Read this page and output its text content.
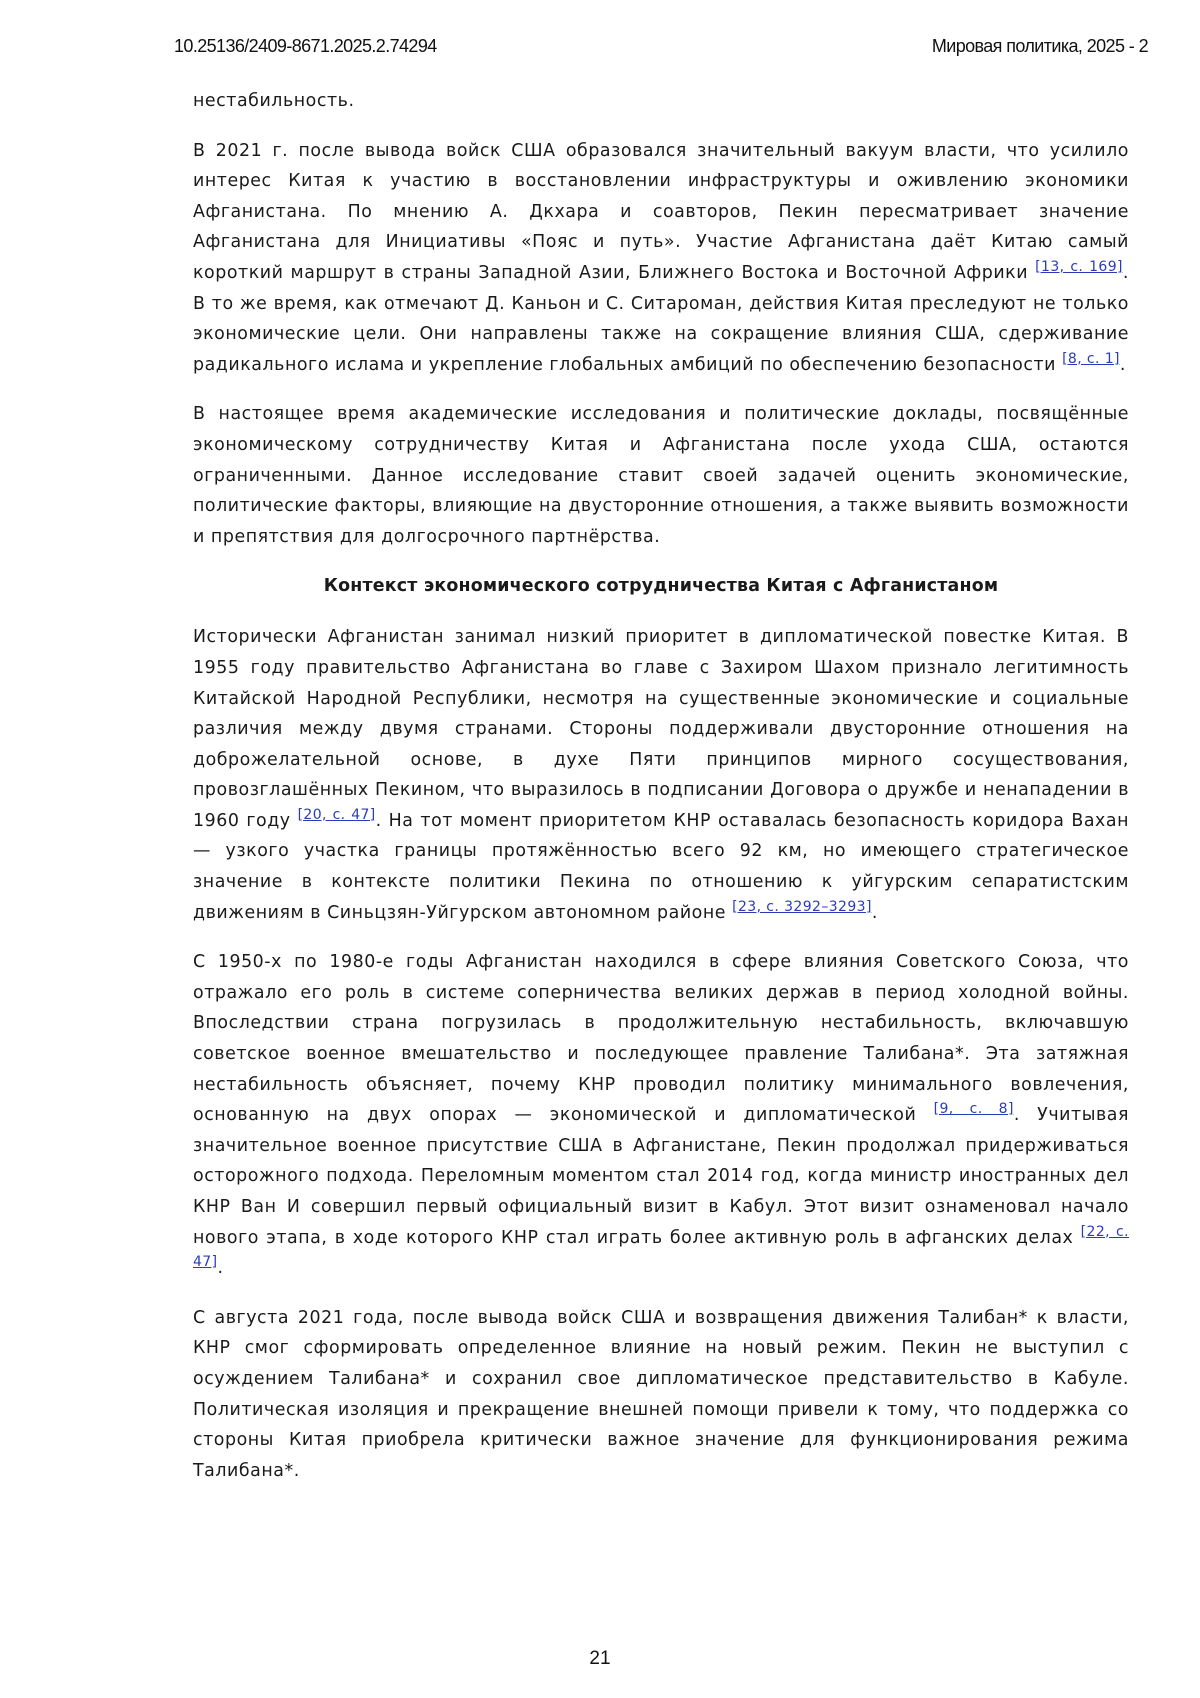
10.25136/2409-8671.2025.2.74294	Мировая политика, 2025 - 2

нестабильность.

В 2021 г. после вывода войск США образовался значительный вакуум власти, что усилило интерес Китая к участию в восстановлении инфраструктуры и оживлению экономики Афганистана. По мнению А. Дкхара и соавторов, Пекин пересматривает значение Афганистана для Инициативы «Пояс и путь». Участие Афганистана даёт Китаю самый короткий маршрут в страны Западной Азии, Ближнего Востока и Восточной Африки [13, с. 169]. В то же время, как отмечают Д. Каньон и С. Ситароман, действия Китая преследуют не только экономические цели. Они направлены также на сокращение влияния США, сдерживание радикального ислама и укрепление глобальных амбиций по обеспечению безопасности [8, с. 1].

В настоящее время академические исследования и политические доклады, посвящённые экономическому сотрудничеству Китая и Афганистана после ухода США, остаются ограниченными. Данное исследование ставит своей задачей оценить экономические, политические факторы, влияющие на двусторонние отношения, а также выявить возможности и препятствия для долгосрочного партнёрства.

Контекст экономического сотрудничества Китая с Афганистаном

Исторически Афганистан занимал низкий приоритет в дипломатической повестке Китая. В 1955 году правительство Афганистана во главе с Захиром Шахом признало легитимность Китайской Народной Республики, несмотря на существенные экономические и социальные различия между двумя странами. Стороны поддерживали двусторонние отношения на доброжелательной основе, в духе Пяти принципов мирного сосуществования, провозглашённых Пекином, что выразилось в подписании Договора о дружбе и ненападении в 1960 году [20, с. 47]. На тот момент приоритетом КНР оставалась безопасность коридора Вахан — узкого участка границы протяжённостью всего 92 км, но имеющего стратегическое значение в контексте политики Пекина по отношению к уйгурским сепаратистским движениям в Синьцзян-Уйгурском автономном районе [23, с. 3292–3293].

С 1950-х по 1980-е годы Афганистан находился в сфере влияния Советского Союза, что отражало его роль в системе соперничества великих держав в период холодной войны. Впоследствии страна погрузилась в продолжительную нестабильность, включавшую советское военное вмешательство и последующее правление Талибана*. Эта затяжная нестабильность объясняет, почему КНР проводил политику минимального вовлечения, основанную на двух опорах — экономической и дипломатической [9, с. 8]. Учитывая значительное военное присутствие США в Афганистане, Пекин продолжал придерживаться осторожного подхода. Переломным моментом стал 2014 год, когда министр иностранных дел КНР Ван И совершил первый официальный визит в Кабул. Этот визит ознаменовал начало нового этапа, в ходе которого КНР стал играть более активную роль в афганских делах [22, с. 47].

С августа 2021 года, после вывода войск США и возвращения движения Талибан* к власти, КНР смог сформировать определенное влияние на новый режим. Пекин не выступил с осуждением Талибана* и сохранил свое дипломатическое представительство в Кабуле. Политическая изоляция и прекращение внешней помощи привели к тому, что поддержка со стороны Китая приобрела критически важное значение для функционирования режима Талибана*.

21
